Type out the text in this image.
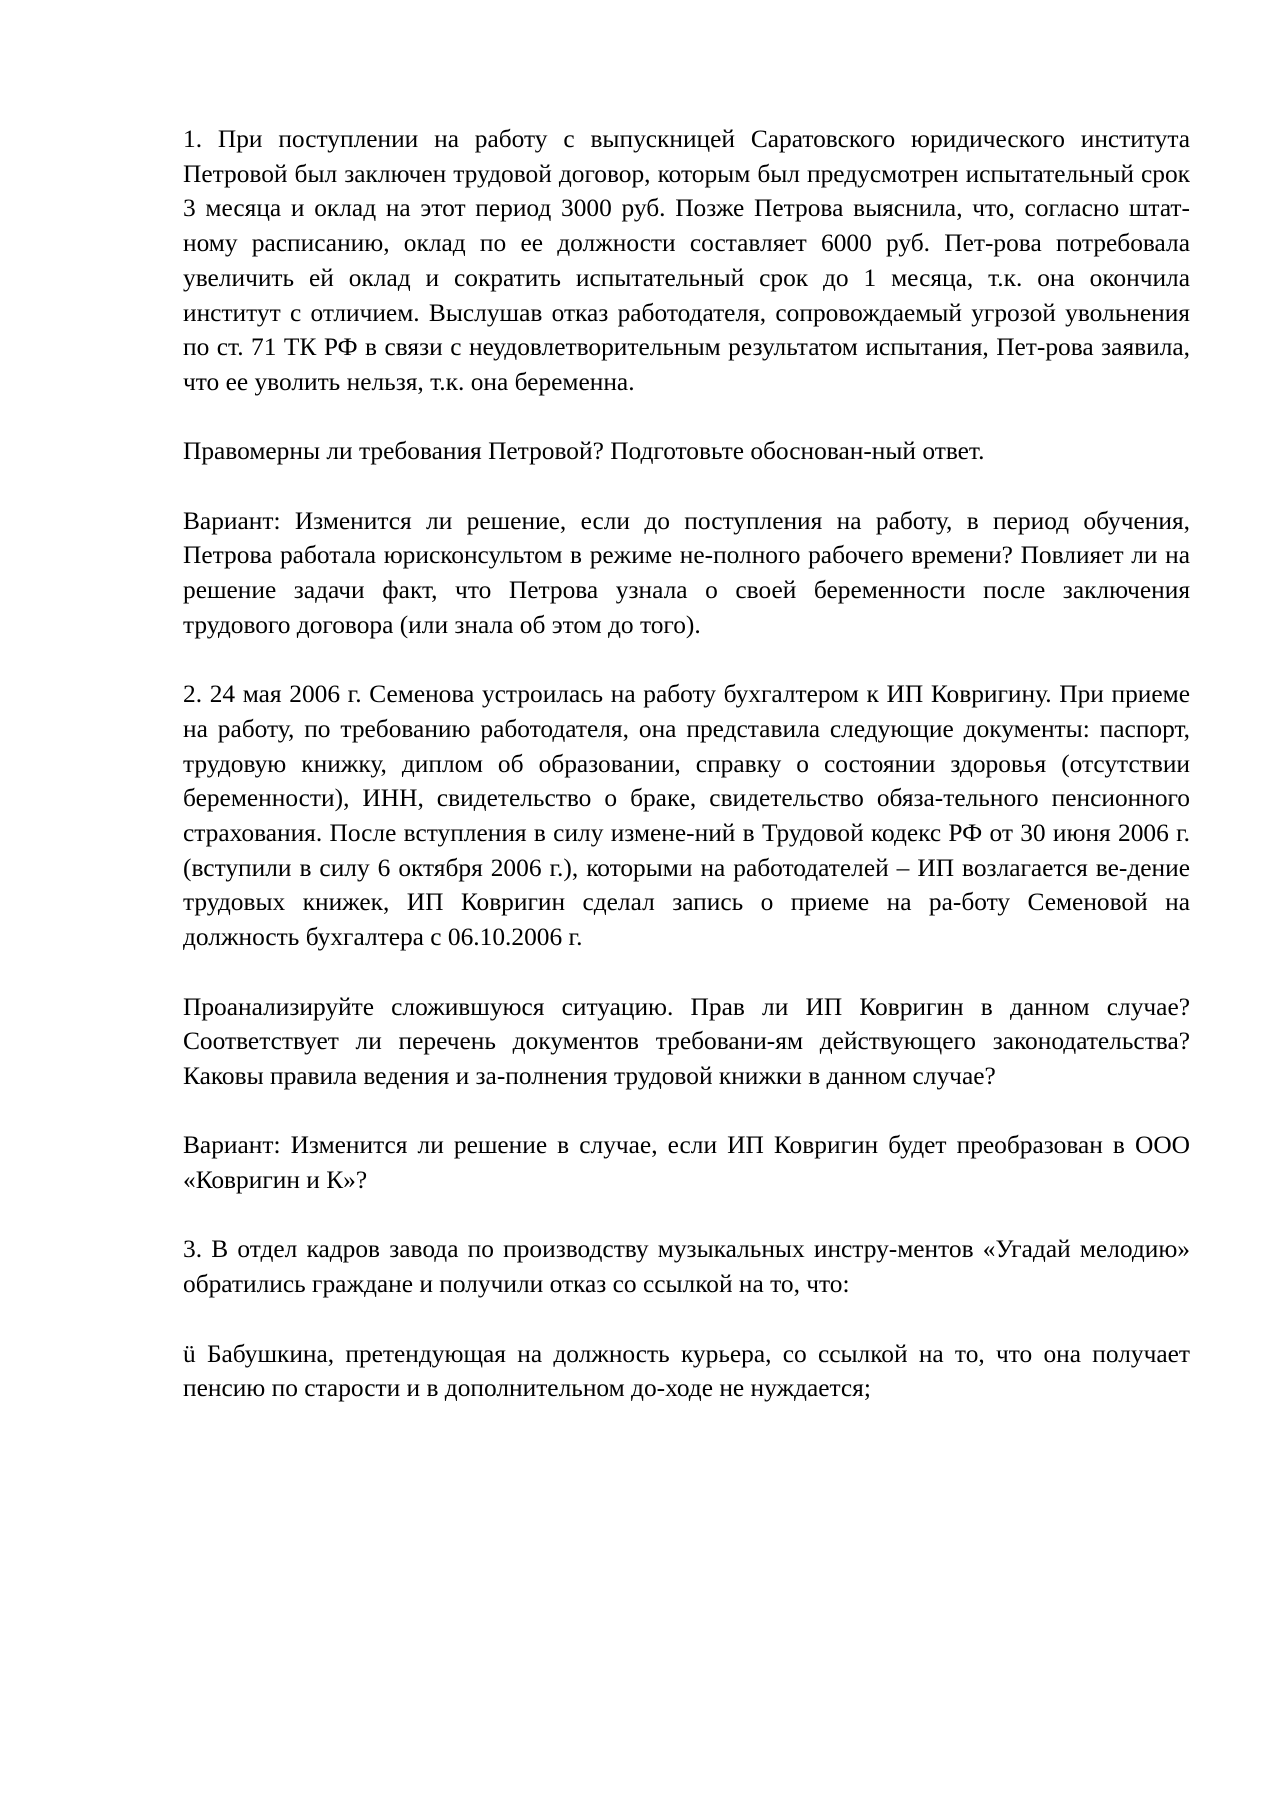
1. При поступлении на работу с выпускницей Саратовского юридического института Петровой был заключен трудовой договор, которым был предусмотрен испытательный срок 3 месяца и оклад на этот период 3000 руб. Позже Петрова выяснила, что, согласно штат-ному расписанию, оклад по ее должности составляет 6000 руб. Пет-рова потребовала увеличить ей оклад и сократить испытательный срок до 1 месяца, т.к. она окончила институт с отличием. Выслушав отказ работодателя, сопровождаемый угрозой увольнения по ст. 71 ТК РФ в связи с неудовлетворительным результатом испытания, Пет-рова заявила, что ее уволить нельзя, т.к. она беременна.

Правомерны ли требования Петровой? Подготовьте обоснован-ный ответ.

Вариант: Изменится ли решение, если до поступления на работу, в период обучения, Петрова работала юрисконсультом в режиме не-полного рабочего времени? Повлияет ли на решение задачи факт, что Петрова узнала о своей беременности после заключения трудового договора (или знала об этом до того).

2. 24 мая 2006 г. Семенова устроилась на работу бухгалтером к ИП Ковригину. При приеме на работу, по требованию работодателя, она представила следующие документы: паспорт, трудовую книжку, диплом об образовании, справку о состоянии здоровья (отсутствии беременности), ИНН, свидетельство о браке, свидетельство обяза-тельного пенсионного страхования. После вступления в силу измене-ний в Трудовой кодекс РФ от 30 июня 2006 г. (вступили в силу 6 октября 2006 г.), которыми на работодателей – ИП возлагается ве-дение трудовых книжек, ИП Ковригин сделал запись о приеме на ра-боту Семеновой на должность бухгалтера с 06.10.2006 г.

Проанализируйте сложившуюся ситуацию. Прав ли ИП Ковригин в данном случае? Соответствует ли перечень документов требовани-ям действующего законодательства? Каковы правила ведения и за-полнения трудовой книжки в данном случае?

Вариант: Изменится ли решение в случае, если ИП Ковригин будет преобразован в ООО «Ковригин и К»?

3. В отдел кадров завода по производству музыкальных инстру-ментов «Угадай мелодию» обратились граждане и получили отказ со ссылкой на то, что:

ü Бабушкина, претендующая на должность курьера, со ссылкой на то, что она получает пенсию по старости и в дополнительном до-ходе не нуждается;
